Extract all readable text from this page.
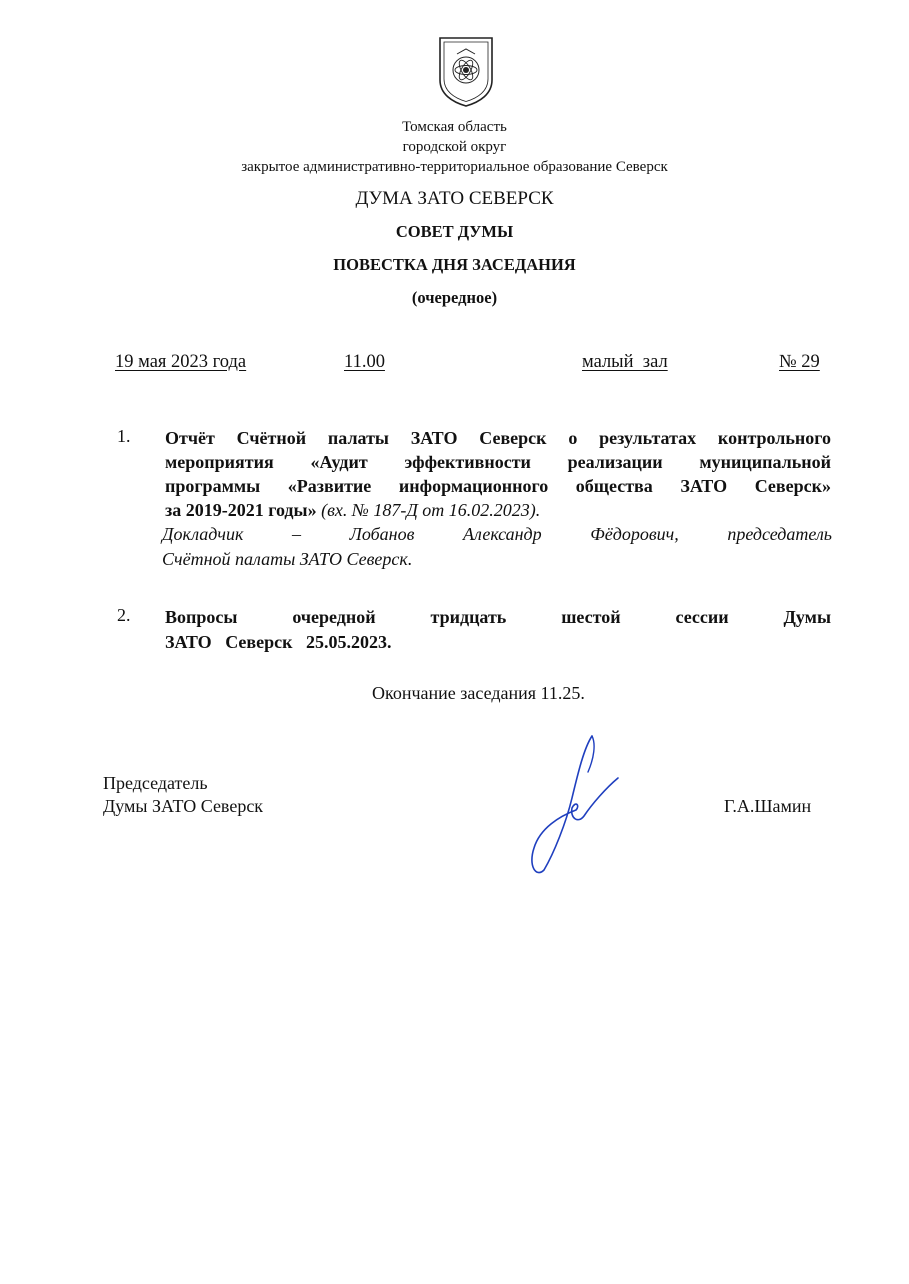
Томская область
городской округ
закрытое административно-территориальное образование Северск
ДУМА ЗАТО СЕВЕРСК
СОВЕТ ДУМЫ
ПОВЕСТКА ДНЯ ЗАСЕДАНИЯ
(очередное)
19 мая 2023 года	11.00	малый  зал	№ 29
1. Отчёт Счётной палаты ЗАТО Северск о результатах контрольного
мероприятия «Аудит эффективности реализации муниципальной
программы «Развитие информационного общества ЗАТО Северск»
за 2019-2021 годы» (вх. № 187-Д от 16.02.2023).
Докладчик – Лобанов Александр Фёдорович, председатель
Счётной палаты ЗАТО Северск.
2. Вопросы очередной тридцать шестой сессии Думы
ЗАТО   Северск   25.05.2023.
Окончание заседания 11.25.
Председатель
Думы ЗАТО Северск	Г.А.Шамин
